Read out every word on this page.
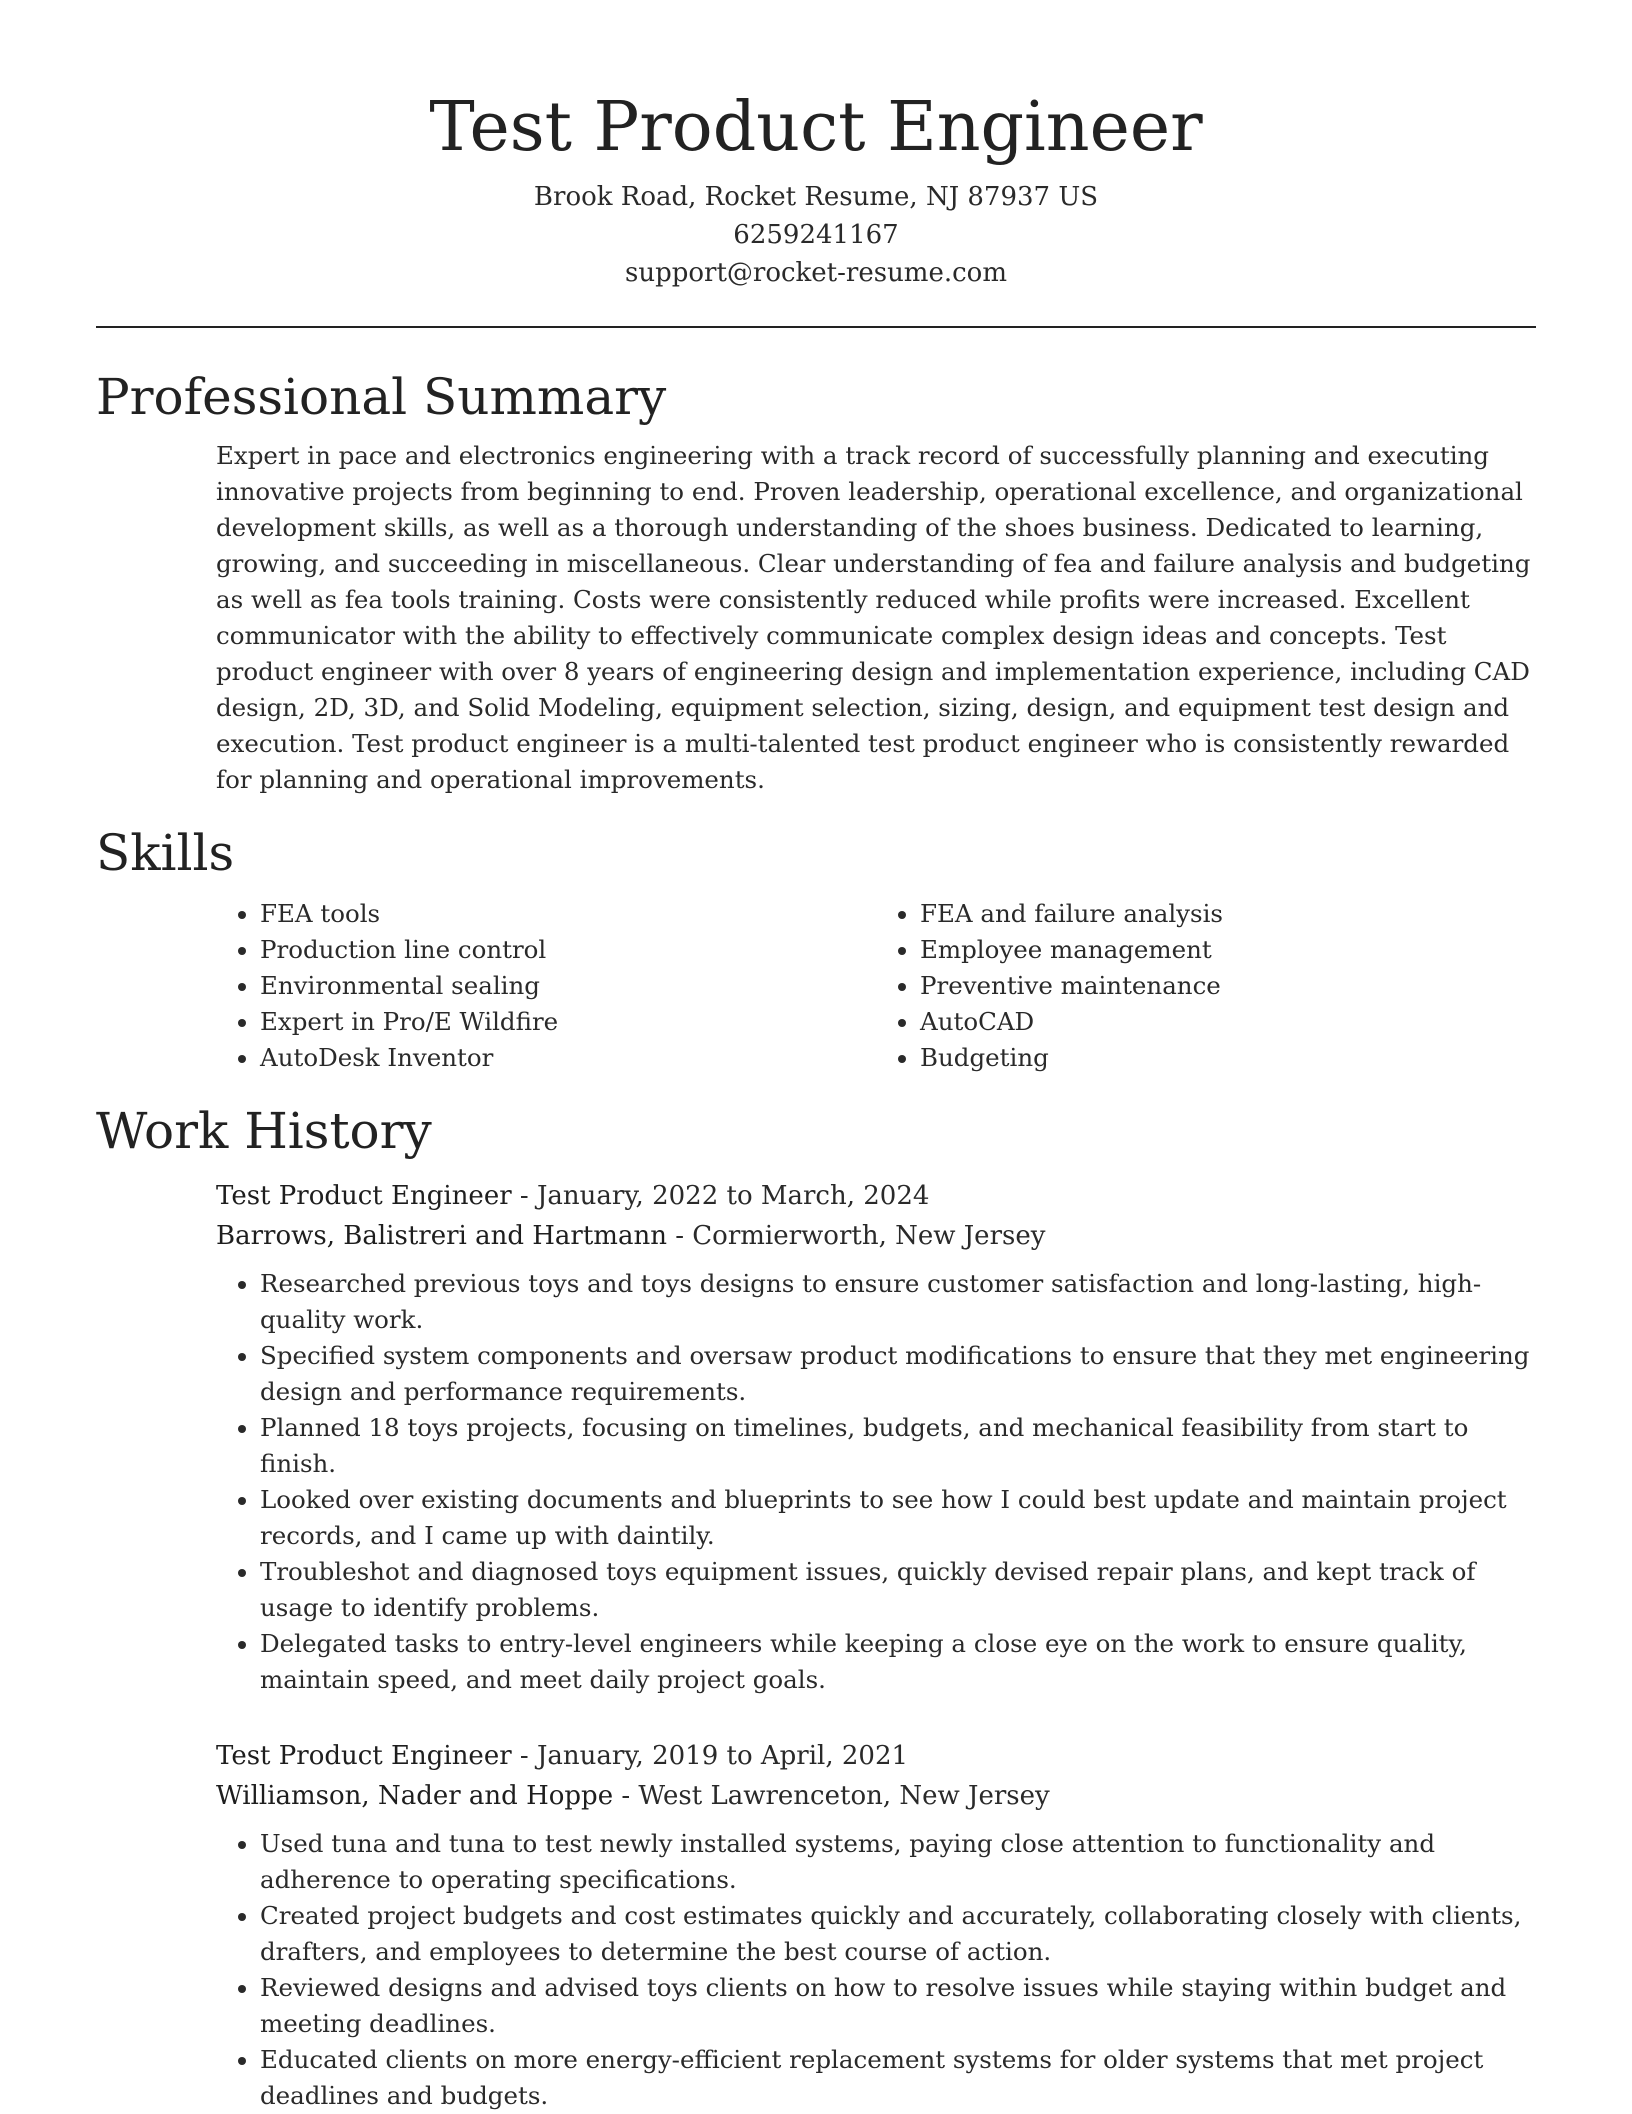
Test Product Engineer
Brook Road, Rocket Resume, NJ 87937 US
6259241167
support@rocket-resume.com
Professional Summary

Expert in pace and electronics engineering with a track record of successfully planning and executing innovative projects from beginning to end. Proven leadership, operational excellence, and organizational development skills, as well as a thorough understanding of the shoes business. Dedicated to learning, growing, and succeeding in miscellaneous. Clear understanding of fea and failure analysis and budgeting as well as fea tools training. Costs were consistently reduced while profits were increased. Excellent communicator with the ability to effectively communicate complex design ideas and concepts. Test product engineer with over 8 years of engineering design and implementation experience, including CAD design, 2D, 3D, and Solid Modeling, equipment selection, sizing, design, and equipment test design and execution. Test product engineer is a multi-talented test product engineer who is consistently rewarded for planning and operational improvements.

Skills
• FEA tools
• Production line control
• Environmental sealing
• Expert in Pro/E Wildfire
• AutoDesk Inventor
• FEA and failure analysis
• Employee management
• Preventive maintenance
• AutoCAD
• Budgeting
Work History
Test Product Engineer - January, 2022 to March, 2024
Barrows, Balistreri and Hartmann - Cormierworth, New Jersey
• Researched previous toys and toys designs to ensure customer satisfaction and long-lasting, high-quality work.
• Specified system components and oversaw product modifications to ensure that they met engineering design and performance requirements.
• Planned 18 toys projects, focusing on timelines, budgets, and mechanical feasibility from start to finish.
• Looked over existing documents and blueprints to see how I could best update and maintain project records, and I came up with daintily.
• Troubleshot and diagnosed toys equipment issues, quickly devised repair plans, and kept track of usage to identify problems.
• Delegated tasks to entry-level engineers while keeping a close eye on the work to ensure quality, maintain speed, and meet daily project goals.
Test Product Engineer - January, 2019 to April, 2021
Williamson, Nader and Hoppe - West Lawrenceton, New Jersey
• Used tuna and tuna to test newly installed systems, paying close attention to functionality and adherence to operating specifications.
• Created project budgets and cost estimates quickly and accurately, collaborating closely with clients, drafters, and employees to determine the best course of action.
• Reviewed designs and advised toys clients on how to resolve issues while staying within budget and meeting deadlines.
• Educated clients on more energy-efficient replacement systems for older systems that met project deadlines and budgets.
